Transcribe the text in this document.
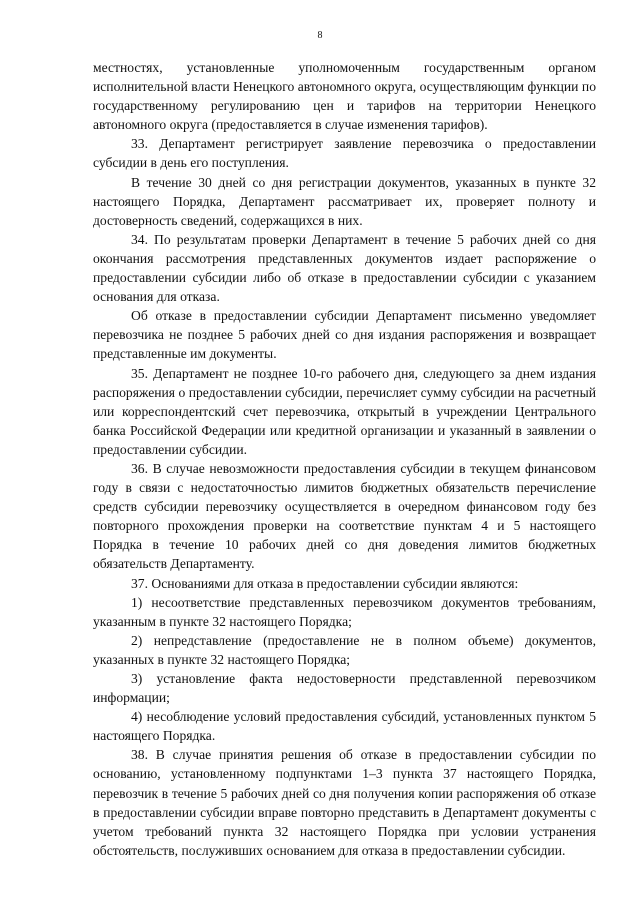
8

местностях, установленные уполномоченным государственным органом исполнительной власти Ненецкого автономного округа, осуществляющим функции по государственному регулированию цен и тарифов на территории Ненецкого автономного округа (предоставляется в случае изменения тарифов).

33. Департамент регистрирует заявление перевозчика о предоставлении субсидии в день его поступления.

В течение 30 дней со дня регистрации документов, указанных в пункте 32 настоящего Порядка, Департамент рассматривает их, проверяет полноту и достоверность сведений, содержащихся в них.

34. По результатам проверки Департамент в течение 5 рабочих дней со дня окончания рассмотрения представленных документов издает распоряжение о предоставлении субсидии либо об отказе в предоставлении субсидии с указанием основания для отказа.

Об отказе в предоставлении субсидии Департамент письменно уведомляет перевозчика не позднее 5 рабочих дней со дня издания распоряжения и возвращает представленные им документы.

35. Департамент не позднее 10-го рабочего дня, следующего за днем издания распоряжения о предоставлении субсидии, перечисляет сумму субсидии на расчетный или корреспондентский счет перевозчика, открытый в учреждении Центрального банка Российской Федерации или кредитной организации и указанный в заявлении о предоставлении субсидии.

36. В случае невозможности предоставления субсидии в текущем финансовом году в связи с недостаточностью лимитов бюджетных обязательств перечисление средств субсидии перевозчику осуществляется в очередном финансовом году без повторного прохождения проверки на соответствие пунктам 4 и 5 настоящего Порядка в течение 10 рабочих дней со дня доведения лимитов бюджетных обязательств Департаменту.

37. Основаниями для отказа в предоставлении субсидии являются:

1) несоответствие представленных перевозчиком документов требованиям, указанным в пункте 32 настоящего Порядка;

2) непредставление (предоставление не в полном объеме) документов, указанных в пункте 32 настоящего Порядка;

3) установление факта недостоверности представленной перевозчиком информации;

4) несоблюдение условий предоставления субсидий, установленных пунктом 5 настоящего Порядка.

38. В случае принятия решения об отказе в предоставлении субсидии по основанию, установленному подпунктами 1–3 пункта 37 настоящего Порядка, перевозчик в течение 5 рабочих дней со дня получения копии распоряжения об отказе в предоставлении субсидии вправе повторно представить в Департамент документы с учетом требований пункта 32 настоящего Порядка при условии устранения обстоятельств, послуживших основанием для отказа в предоставлении субсидии.
